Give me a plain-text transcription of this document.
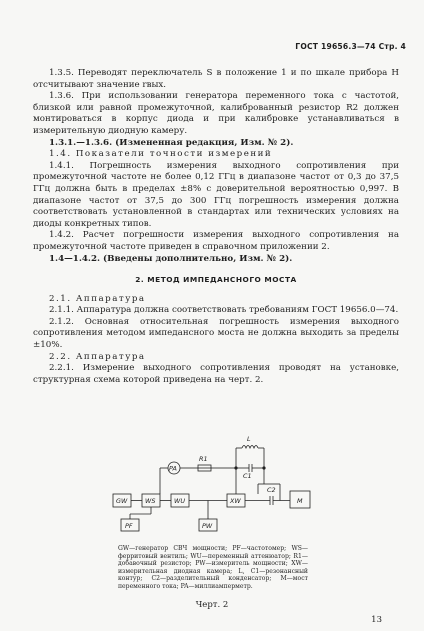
ГОСТ 19656.3—74 Стр. 4

1.3.5. Переводят переключатель S в положение 1 и по шкале прибора H отсчитывают значение rвых.

1.3.6. При использовании генератора переменного тока с частотой, близкой или равной промежуточной, калиброванный резистор R2 должен монтироваться в корпус диода и при калибровке устанавливаться в измерительную диодную камеру.

1.3.1.—1.3.6. (Измененная редакция, Изм. № 2).

1.4. Показатели точности измерений

1.4.1. Погрешность измерения выходного сопротивления при промежуточной частоте не более 0,12 ГГц в диапазоне частот от 0,3 до 37,5 ГГц должна быть в пределах ±8% с доверительной вероятностью 0,997. В диапазоне частот от 37,5 до 300 ГГц погрешность измерения должна соответствовать установленной в стандартах или технических условиях на диоды конкретных типов.

1.4.2. Расчет погрешности измерения выходного сопротивления на промежуточной частоте приведен в справочном приложении 2.

1.4—1.4.2. (Введены дополнительно, Изм. № 2).

2. МЕТОД ИМПЕДАНСНОГО МОСТА

2.1. Аппаратура

2.1.1. Аппаратура должна соответствовать требованиям ГОСТ 19656.0—74.

2.1.2. Основная относительная погрешность измерения выходного сопротивления методом импедансного моста не должна выходить за пределы ±10%.

2.2. Аппаратура

2.2.1. Измерение выходного сопротивления проводят на установке, структурная схема которой приведена на черт. 2.

GW	WS	WU	XW	M
PF	PW
PA
R1
L
C1
C2
GW—генератор СВЧ мощности; PF—частотомер; WS—ферритовый вентиль; WU—переменный аттенюатор; R1—добавочный резистор; PW—измеритель мощности; XW—измерительная диодная камера; L, C1—резонансный контур; C2—разделительный конденсатор; M—мост переменного тока; PA—миллиамперметр.
Черт. 2
13
